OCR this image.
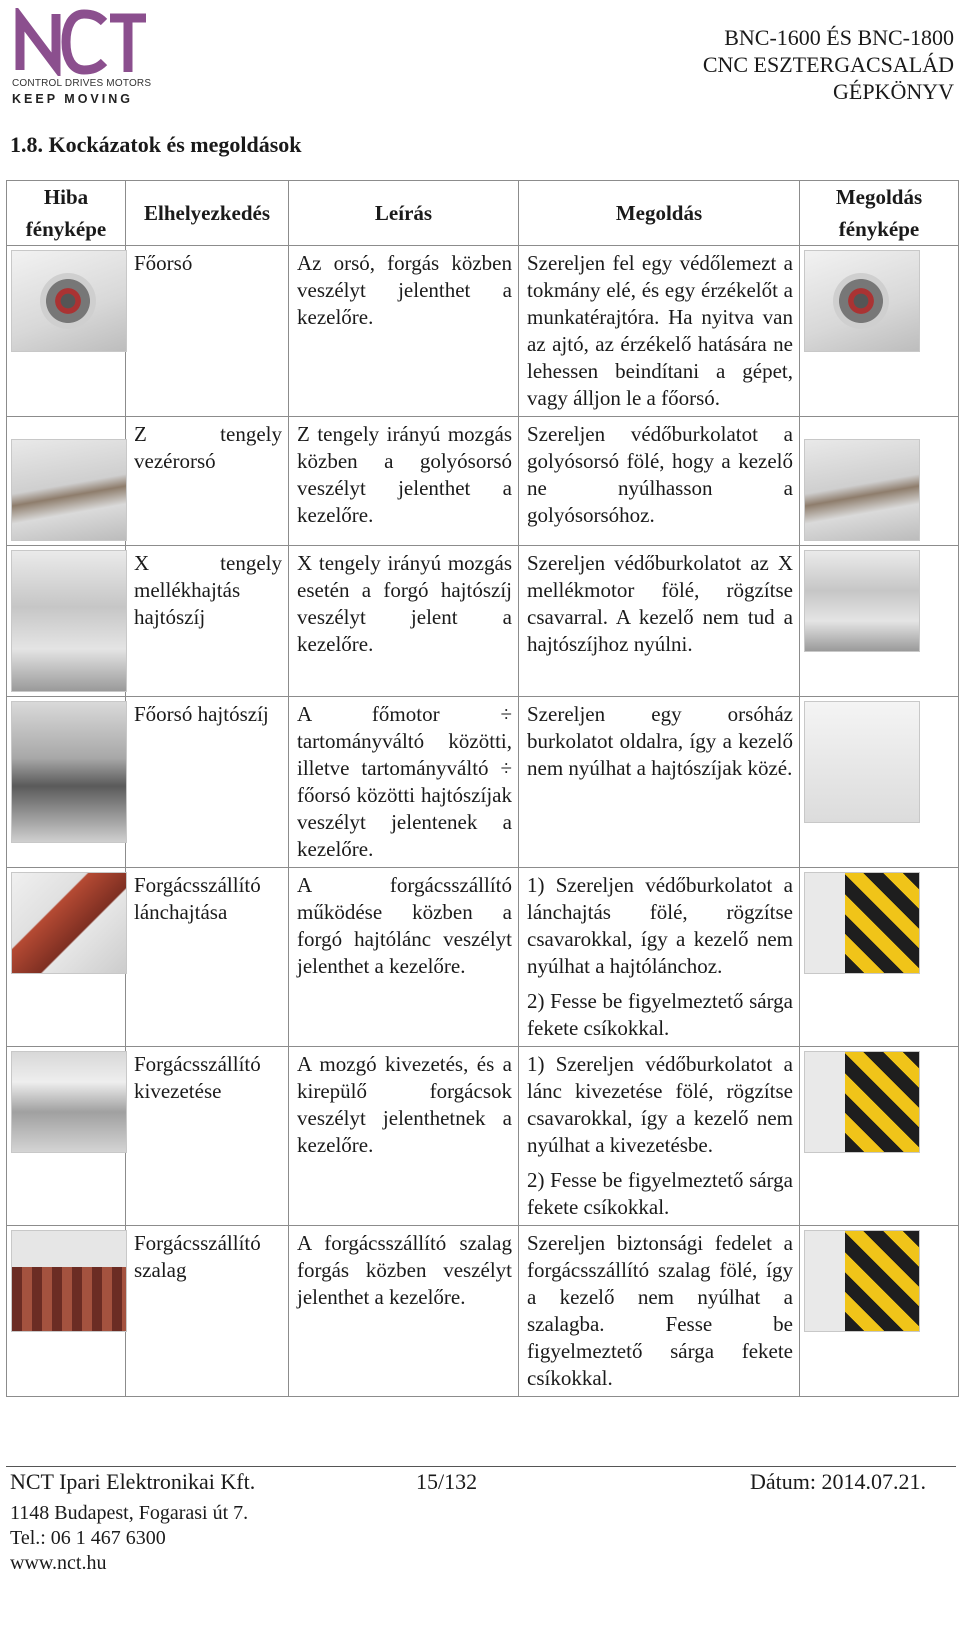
CONTROL DRIVES MOTORS
KEEP MOVING
BNC-1600 ÉS BNC-1800
CNC ESZTERGACSALÁD
GÉPKÖNYV
1.8. Kockázatok és megoldások
Hiba fényképe	Elhelyezkedés	Leírás	Megoldás	Megoldás fényképe

	Főorsó	Az orsó, forgás közben veszélyt jelenthet a kezelőre.	Szereljen fel egy védőlemezt a tokmány elé, és egy érzékelőt a munkatérajtóra. Ha nyitva van az ajtó, az érzékelő hatására ne lehessen beindítani a gépet, vagy álljon le a főorsó.	

	Z tengely vezérorsó	Z tengely irányú mozgás közben a golyósorsó veszélyt jelenthet a kezelőre.	Szereljen védőburkolatot a golyósorsó fölé, hogy a kezelő ne nyúlhasson a golyósorsóhoz.	

	X tengely mellékhajtás hajtószíj	X tengely irányú mozgás esetén a forgó hajtószíj veszélyt jelent a kezelőre.	Szereljen védőburkolatot az X mellékmotor fölé, rögzítse csavarral. A kezelő nem tud a hajtószíjhoz nyúlni.	

	Főorsó hajtószíj	A főmotor ÷ tartományváltó közötti, illetve tartományváltó ÷ főorsó közötti hajtószíjak veszélyt jelentenek a kezelőre.	Szereljen egy orsóház burkolatot oldalra, így a kezelő nem nyúlhat a hajtószíjak közé.	

	Forgácsszállító lánchajtása	A forgácsszállító működése közben a forgó hajtólánc veszélyt jelenthet a kezelőre.	1) Szereljen védőburkolatot a lánchajtás fölé, rögzítse csavarokkal, így a kezelő nem nyúlhat a hajtólánchoz.
2) Fesse be figyelmeztető sárga fekete csíkokkal.	

	Forgácsszállító kivezetése	A mozgó kivezetés, és a kirepülő forgácsok veszélyt jelenthetnek a kezelőre.	1) Szereljen védőburkolatot a lánc kivezetése fölé, rögzítse csavarokkal, így a kezelő nem nyúlhat a kivezetésbe.
2) Fesse be figyelmeztető sárga fekete csíkokkal.	

	Forgácsszállító szalag	A forgácsszállító szalag forgás közben veszélyt jelenthet a kezelőre.	Szereljen biztonsági fedelet a forgácsszállító szalag fölé, így a kezelő nem nyúlhat a szalagba. Fesse be figyelmeztető sárga fekete csíkokkal.	

NCT Ipari Elektronikai Kft.	15/132	Dátum: 2014.07.21.
1148 Budapest, Fogarasi út 7.
Tel.: 06 1 467 6300
www.nct.hu
